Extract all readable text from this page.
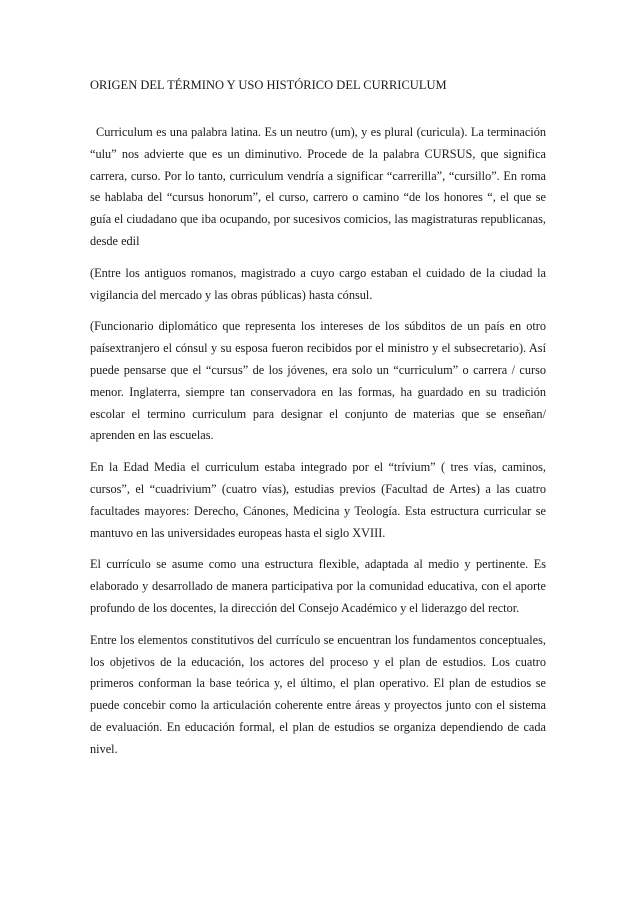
ORIGEN DEL TÉRMINO Y USO HISTÓRICO DEL CURRICULUM

Curriculum es una palabra latina. Es un neutro (um), y es plural (curicula). La terminación “ulu” nos advierte que es un diminutivo. Procede de la palabra CURSUS, que significa carrera, curso. Por lo tanto, curriculum vendría a significar “carrerilla”, “cursillo”. En roma se hablaba del “cursus honorum”, el curso, carrero o camino “de los honores “, el que se guía el ciudadano que iba ocupando, por sucesivos comicios, las magistraturas republicanas, desde edil

(Entre los antiguos romanos, magistrado a cuyo cargo estaban el cuidado de la ciudad la vigilancia del mercado y las obras públicas) hasta cónsul.

(Funcionario diplomático que representa los intereses de los súbditos de un país en otro paísextranjero el cónsul y su esposa fueron recibidos por el ministro y el subsecretario). Así puede pensarse que el “cursus” de los jóvenes, era solo un “curriculum” o carrera / curso menor. Inglaterra, siempre tan conservadora en las formas, ha guardado en su tradición escolar el termino curriculum para designar el conjunto de materias que se enseñan/ aprenden en las escuelas.

En la Edad Media el curriculum estaba integrado por el “trívium” ( tres vías, caminos, cursos”, el “cuadrivium” (cuatro vías), estudias previos (Facultad de Artes) a las cuatro facultades mayores: Derecho, Cánones, Medicina y Teología. Esta estructura curricular se mantuvo en las universidades europeas hasta el siglo XVIII.

El currículo se asume como una estructura flexible, adaptada al medio y pertinente. Es elaborado y desarrollado de manera participativa por la comunidad educativa, con el aporte profundo de los docentes, la dirección del Consejo Académico y el liderazgo del rector.

Entre los elementos constitutivos del currículo se encuentran los fundamentos conceptuales, los objetivos de la educación, los actores del proceso y el plan de estudios. Los cuatro primeros conforman la base teórica y, el último, el plan operativo. El plan de estudios se puede concebir como la articulación coherente entre áreas y proyectos junto con el sistema de evaluación. En educación formal, el plan de estudios se organiza dependiendo de cada nivel.
